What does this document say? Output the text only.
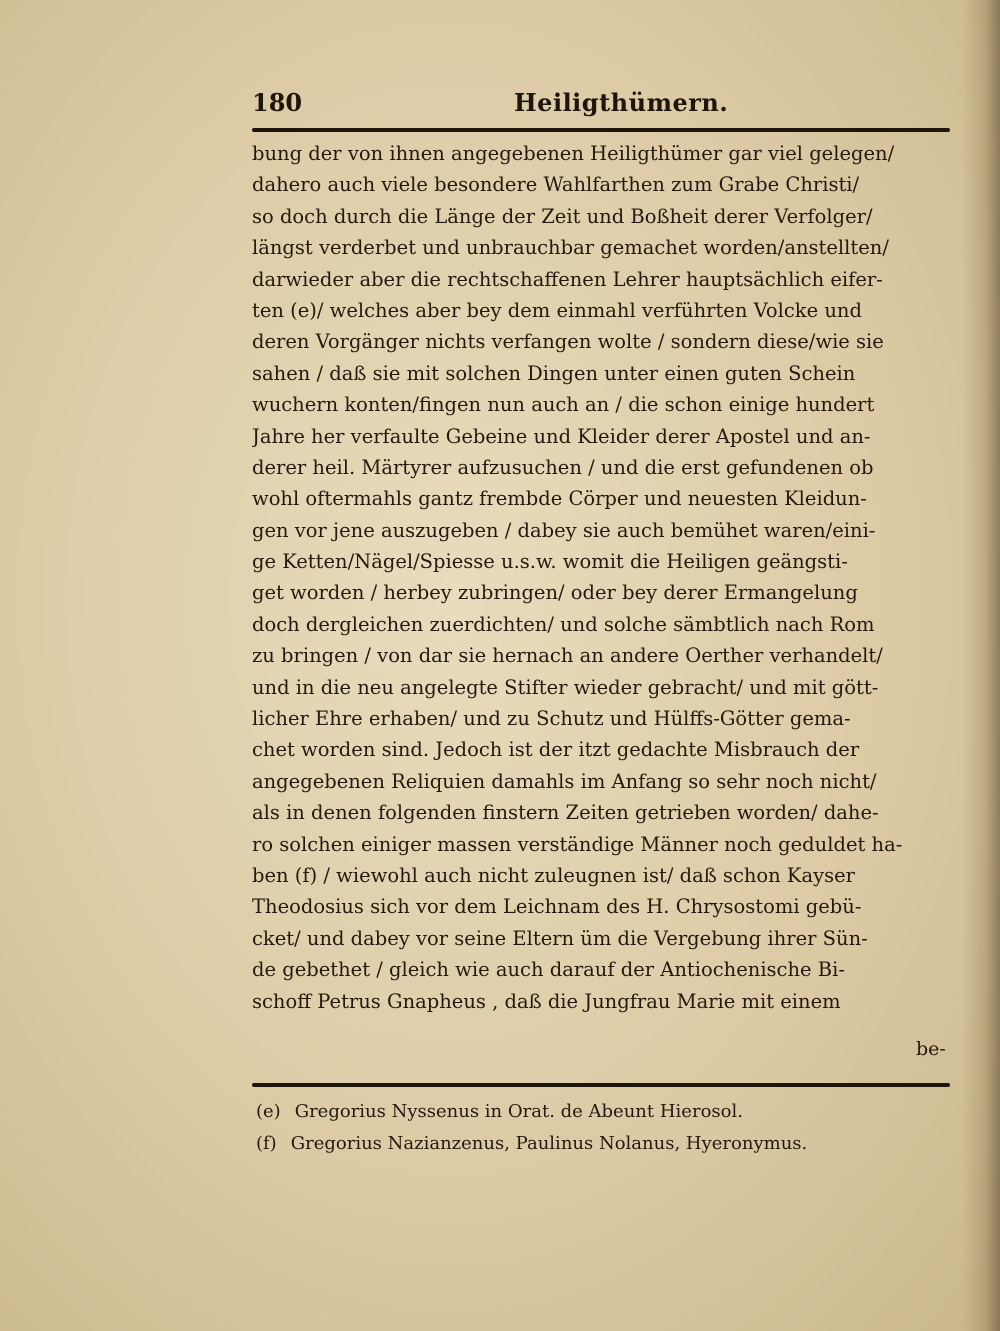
180	Heiligthümern.
bung der von ihnen angegebenen Heiligthümer gar viel gelegen/
dahero auch viele besondere Wahlfarthen zum Grabe Christi/
so doch durch die Länge der Zeit und Boßheit derer Verfolger/
längst verderbet und unbrauchbar gemachet worden/anstellten/
darwieder aber die rechtschaffenen Lehrer hauptsächlich eifer-
ten (e)/ welches aber bey dem einmahl verführten Volcke und
deren Vorgänger nichts verfangen wolte / sondern diese/wie sie
sahen / daß sie mit solchen Dingen unter einen guten Schein
wuchern konten/fingen nun auch an / die schon einige hundert
Jahre her verfaulte Gebeine und Kleider derer Apostel und an-
derer heil. Märtyrer aufzusuchen / und die erst gefundenen ob
wohl oftermahls gantz frembde Cörper und neuesten Kleidun-
gen vor jene auszugeben / dabey sie auch bemühet waren/eini-
ge Ketten/Nägel/Spiesse u.s.w. womit die Heiligen geängsti-
get worden / herbey zubringen/ oder bey derer Ermangelung
doch dergleichen zuerdichten/ und solche sämbtlich nach Rom
zu bringen / von dar sie hernach an andere Oerther verhandelt/
und in die neu angelegte Stifter wieder gebracht/ und mit gött-
licher Ehre erhaben/ und zu Schutz und Hülffs-Götter gema-
chet worden sind. Jedoch ist der itzt gedachte Misbrauch der
angegebenen Reliquien damahls im Anfang so sehr noch nicht/
als in denen folgenden finstern Zeiten getrieben worden/ dahe-
ro solchen einiger massen verständige Männer noch geduldet ha-
ben (f) / wiewohl auch nicht zuleugnen ist/ daß schon Kayser
Theodosius sich vor dem Leichnam des H. Chrysostomi gebü-
cket/ und dabey vor seine Eltern üm die Vergebung ihrer Sün-
de gebethet / gleich wie auch darauf der Antiochenische Bi-
schoff Petrus Gnapheus , daß die Jungfrau Marie mit einem
be-
(e) Gregorius Nyssenus in Orat. de Abeunt Hierosol.
(f) Gregorius Nazianzenus, Paulinus Nolanus, Hyeronymus.
